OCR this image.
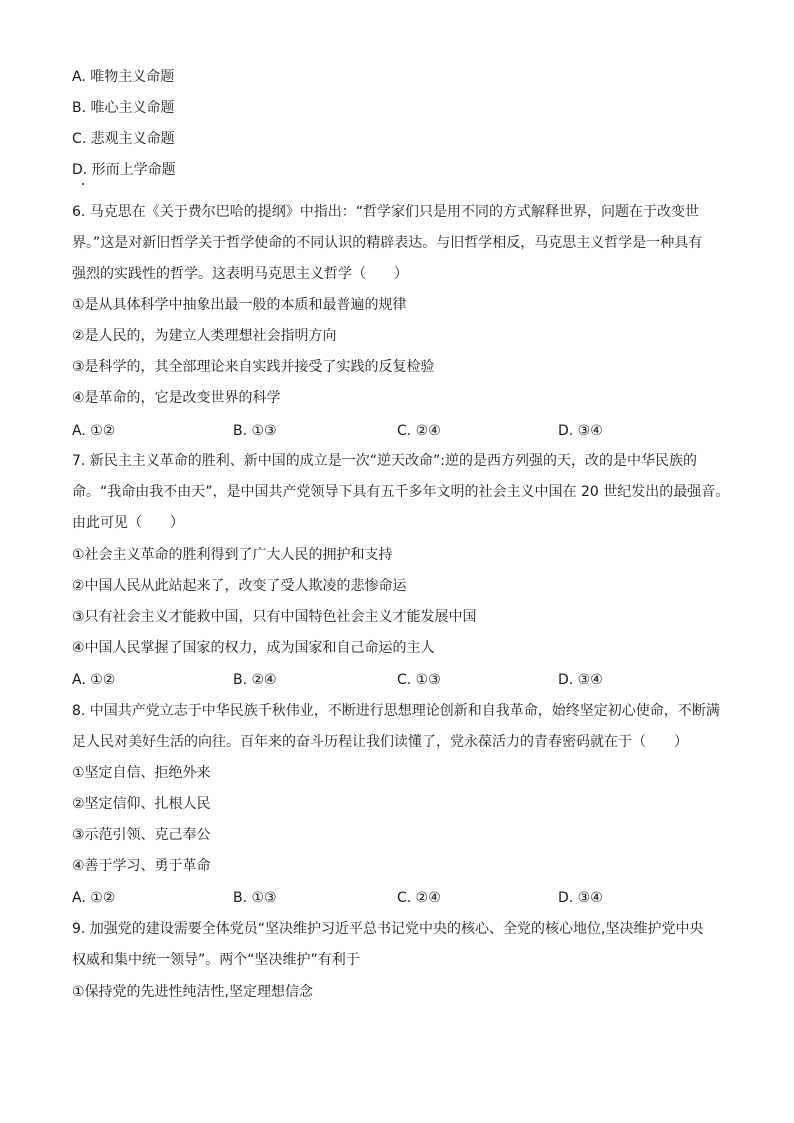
A. 唯物主义命题
B. 唯心主义命题
C. 悲观主义命题
D. 形而上学命题
6. 马克思在《关于费尔巴哈的提纲》中指出：“哲学家们只是用不同的方式解释世界，问题在于改变世
界。”这是对新旧哲学关于哲学使命的不同认识的精辟表达。与旧哲学相反，马克思主义哲学是一种具有
强烈的实践性的哲学。这表明马克思主义哲学（　　）
①是从具体科学中抽象出最一般的本质和最普遍的规律
②是人民的，为建立人类理想社会指明方向
③是科学的，其全部理论来自实践并接受了实践的反复检验
④是革命的，它是改变世界的科学
A. ①②	B. ①③	C. ②④	D. ③④
7. 新民主主义革命的胜利、新中国的成立是一次“逆天改命”:逆的是西方列强的天，改的是中华民族的
命。“我命由我不由天”，是中国共产党领导下具有五千多年文明的社会主义中国在 20 世纪发出的最强音。
由此可见（　　）
①社会主义革命的胜利得到了广大人民的拥护和支持
②中国人民从此站起来了，改变了受人欺凌的悲惨命运
③只有社会主义才能救中国，只有中国特色社会主义才能发展中国
④中国人民掌握了国家的权力，成为国家和自己命运的主人
A. ①②	B. ②④	C. ①③	D. ③④
8. 中国共产党立志于中华民族千秋伟业，不断进行思想理论创新和自我革命，始终坚定初心使命，不断满
足人民对美好生活的向往。百年来的奋斗历程让我们读懂了，党永葆活力的青春密码就在于（　　）
①坚定自信、拒绝外来
②坚定信仰、扎根人民
③示范引领、克己奉公
④善于学习、勇于革命
A. ①②	B. ①③	C. ②④	D. ③④
9. 加强党的建设需要全体党员“坚决维护习近平总书记党中央的核心、全党的核心地位,坚决维护党中央
权威和集中统一领导”。两个“坚决维护”有利于
①保持党的先进性纯洁性,坚定理想信念
